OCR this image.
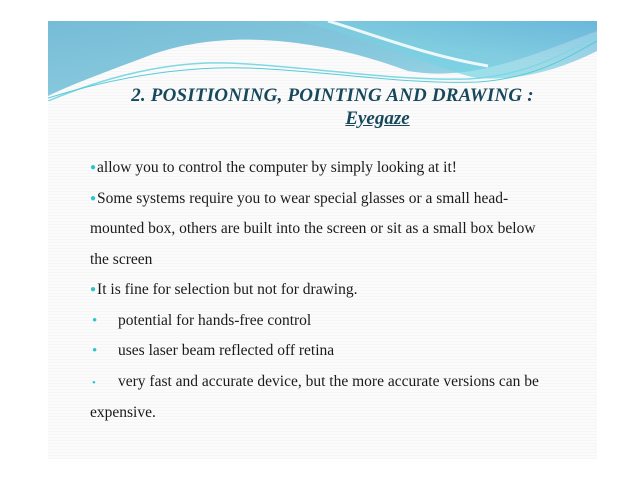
2. POSITIONING, POINTING AND DRAWING :
Eyegaze

●allow you to control the computer by simply looking at it!

●Some systems require you to wear special glasses or a small head-

mounted box, others are built into the screen or sit as a small box below

the screen

●It is fine for selection but not for drawing.

• potential for hands-free control

• uses laser beam reflected off retina

• very fast and accurate device, but the more accurate versions can be

expensive.
